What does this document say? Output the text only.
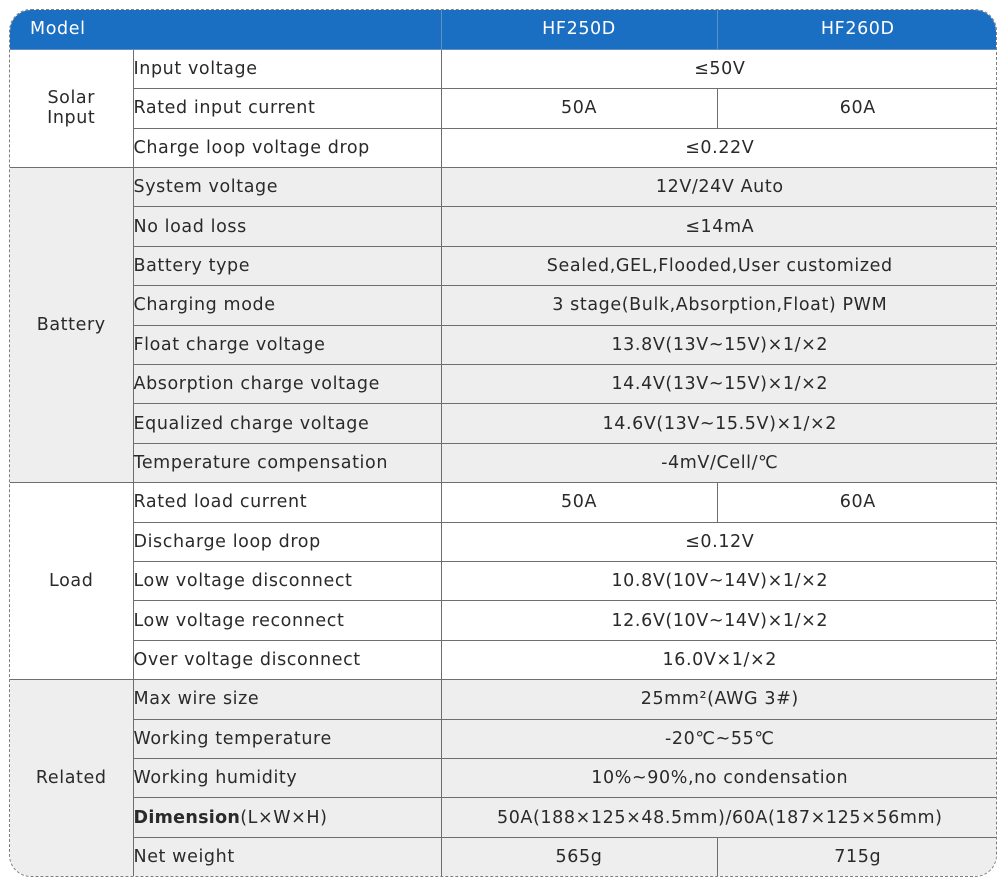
Model		HF250D	HF260D
Solar
Input	Input voltage	≤50V	
	Rated input current	50A	60A
	Charge loop voltage drop	≤0.22V	
Battery	System voltage	12V/24V Auto	
	No load loss	≤14mA	
	Battery type	Sealed,GEL,Flooded,User customized	
	Charging mode	3 stage(Bulk,Absorption,Float) PWM	
	Float charge voltage	13.8V(13V~15V)×1/×2	
	Absorption charge voltage	14.4V(13V~15V)×1/×2	
	Equalized charge voltage	14.6V(13V~15.5V)×1/×2	
	Temperature compensation	-4mV/Cell/℃	
Load	Rated load current	50A	60A
	Discharge loop drop	≤0.12V	
	Low voltage disconnect	10.8V(10V~14V)×1/×2	
	Low voltage reconnect	12.6V(10V~14V)×1/×2	
	Over voltage disconnect	16.0V×1/×2	
Related	Max wire size	25mm²(AWG 3#)	
	Working temperature	-20℃~55℃	
	Working humidity	10%~90%,no condensation	
	Dimension(L×W×H)	50A(188×125×48.5mm)/60A(187×125×56mm)	
	Net weight	565g	715g
